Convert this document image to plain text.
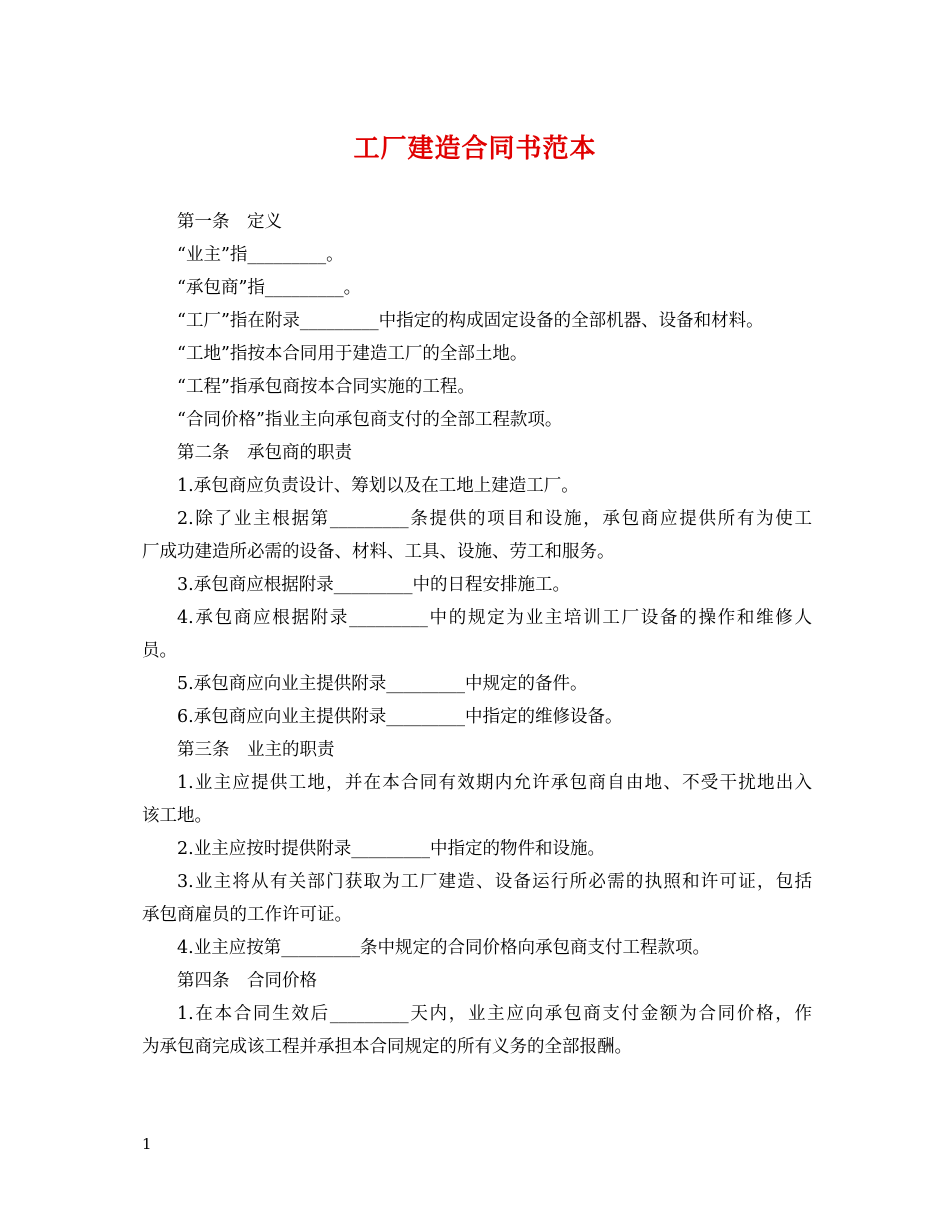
工厂建造合同书范本
第一条　定义
“业主”指_________。
“承包商”指_________。
“工厂”指在附录_________中指定的构成固定设备的全部机器、设备和材料。
“工地”指按本合同用于建造工厂的全部土地。
“工程”指承包商按本合同实施的工程。
“合同价格”指业主向承包商支付的全部工程款项。
第二条　承包商的职责
1.承包商应负责设计、筹划以及在工地上建造工厂。
2.除了业主根据第_________条提供的项目和设施，承包商应提供所有为使工
厂成功建造所必需的设备、材料、工具、设施、劳工和服务。
3.承包商应根据附录_________中的日程安排施工。
4.承包商应根据附录_________中的规定为业主培训工厂设备的操作和维修人
员。
5.承包商应向业主提供附录_________中规定的备件。
6.承包商应向业主提供附录_________中指定的维修设备。
第三条　业主的职责
1.业主应提供工地，并在本合同有效期内允许承包商自由地、不受干扰地出入
该工地。
2.业主应按时提供附录_________中指定的物件和设施。
3.业主将从有关部门获取为工厂建造、设备运行所必需的执照和许可证，包括
承包商雇员的工作许可证。
4.业主应按第_________条中规定的合同价格向承包商支付工程款项。
第四条　合同价格
1.在本合同生效后_________天内，业主应向承包商支付金额为合同价格，作
为承包商完成该工程并承担本合同规定的所有义务的全部报酬。
1
